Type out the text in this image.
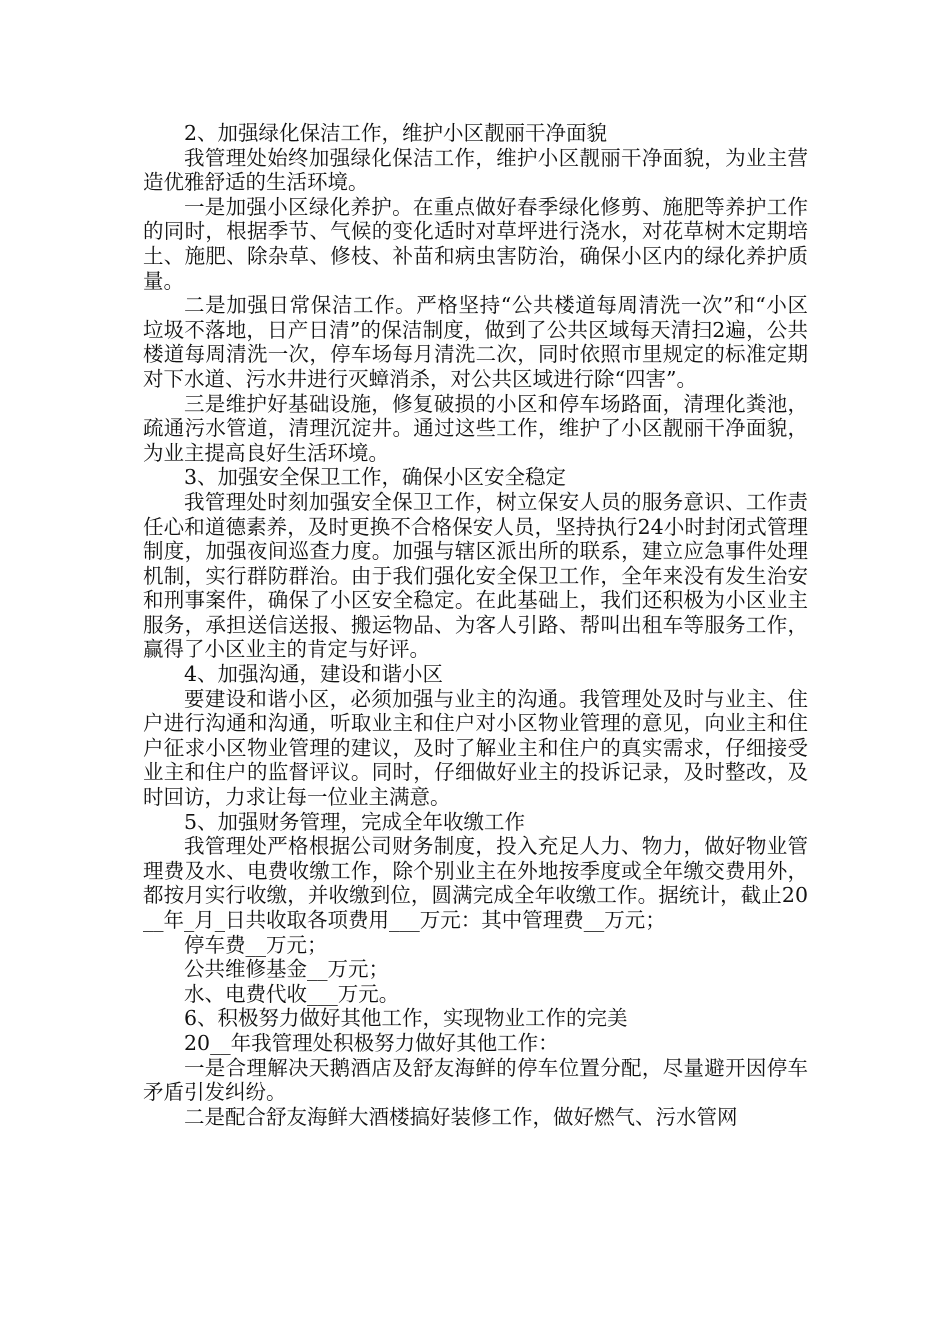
2、加强绿化保洁工作，维护小区靓丽干净面貌

我管理处始终加强绿化保洁工作，维护小区靓丽干净面貌，为业主营造优雅舒适的生活环境。

一是加强小区绿化养护。在重点做好春季绿化修剪、施肥等养护工作的同时，根据季节、气候的变化适时对草坪进行浇水，对花草树木定期培土、施肥、除杂草、修枝、补苗和病虫害防治，确保小区内的绿化养护质量。

二是加强日常保洁工作。严格坚持“公共楼道每周清洗一次”和“小区垃圾不落地，日产日清”的保洁制度，做到了公共区域每天清扫2遍，公共楼道每周清洗一次，停车场每月清洗二次，同时依照市里规定的标准定期对下水道、污水井进行灭蟑消杀，对公共区域进行除“四害”。

三是维护好基础设施，修复破损的小区和停车场路面，清理化粪池，疏通污水管道，清理沉淀井。通过这些工作，维护了小区靓丽干净面貌，为业主提高良好生活环境。

3、加强安全保卫工作，确保小区安全稳定

我管理处时刻加强安全保卫工作，树立保安人员的服务意识、工作责任心和道德素养，及时更换不合格保安人员，坚持执行24小时封闭式管理制度，加强夜间巡查力度。加强与辖区派出所的联系，建立应急事件处理机制，实行群防群治。由于我们强化安全保卫工作，全年来没有发生治安和刑事案件，确保了小区安全稳定。在此基础上，我们还积极为小区业主服务，承担送信送报、搬运物品、为客人引路、帮叫出租车等服务工作，赢得了小区业主的肯定与好评。

4、加强沟通，建设和谐小区

要建设和谐小区，必须加强与业主的沟通。我管理处及时与业主、住户进行沟通和沟通，听取业主和住户对小区物业管理的意见，向业主和住户征求小区物业管理的建议，及时了解业主和住户的真实需求，仔细接受业主和住户的监督评议。同时，仔细做好业主的投诉记录，及时整改，及时回访，力求让每一位业主满意。

5、加强财务管理，完成全年收缴工作

我管理处严格根据公司财务制度，投入充足人力、物力，做好物业管理费及水、电费收缴工作，除个别业主在外地按季度或全年缴交费用外，都按月实行收缴，并收缴到位，圆满完成全年收缴工作。据统计，截止20__年_月_日共收取各项费用___万元：其中管理费__万元；

停车费__万元；

公共维修基金__万元；

水、电费代收___万元。

6、积极努力做好其他工作，实现物业工作的完美

20__年我管理处积极努力做好其他工作：

一是合理解决天鹅酒店及舒友海鲜的停车位置分配，尽量避开因停车矛盾引发纠纷。

二是配合舒友海鲜大酒楼搞好装修工作，做好燃气、污水管网
